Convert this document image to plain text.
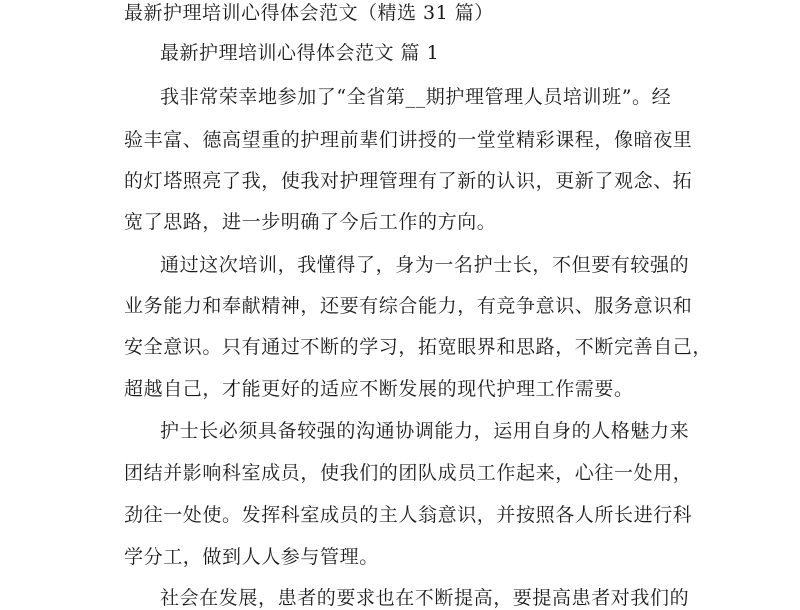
最新护理培训心得体会范文（精选 31 篇）
最新护理培训心得体会范文 篇 1
我非常荣幸地参加了“全省第__期护理管理人员培训班”。经
验丰富、德高望重的护理前辈们讲授的一堂堂精彩课程，像暗夜里
的灯塔照亮了我，使我对护理管理有了新的认识，更新了观念、拓
宽了思路，进一步明确了今后工作的方向。
通过这次培训，我懂得了，身为一名护士长，不但要有较强的
业务能力和奉献精神，还要有综合能力，有竞争意识、服务意识和
安全意识。只有通过不断的学习，拓宽眼界和思路，不断完善自己，
超越自己，才能更好的适应不断发展的现代护理工作需要。
护士长必须具备较强的沟通协调能力，运用自身的人格魅力来
团结并影响科室成员，使我们的团队成员工作起来，心往一处用，
劲往一处使。发挥科室成员的主人翁意识，并按照各人所长进行科
学分工，做到人人参与管理。
社会在发展，患者的要求也在不断提高，要提高患者对我们的
